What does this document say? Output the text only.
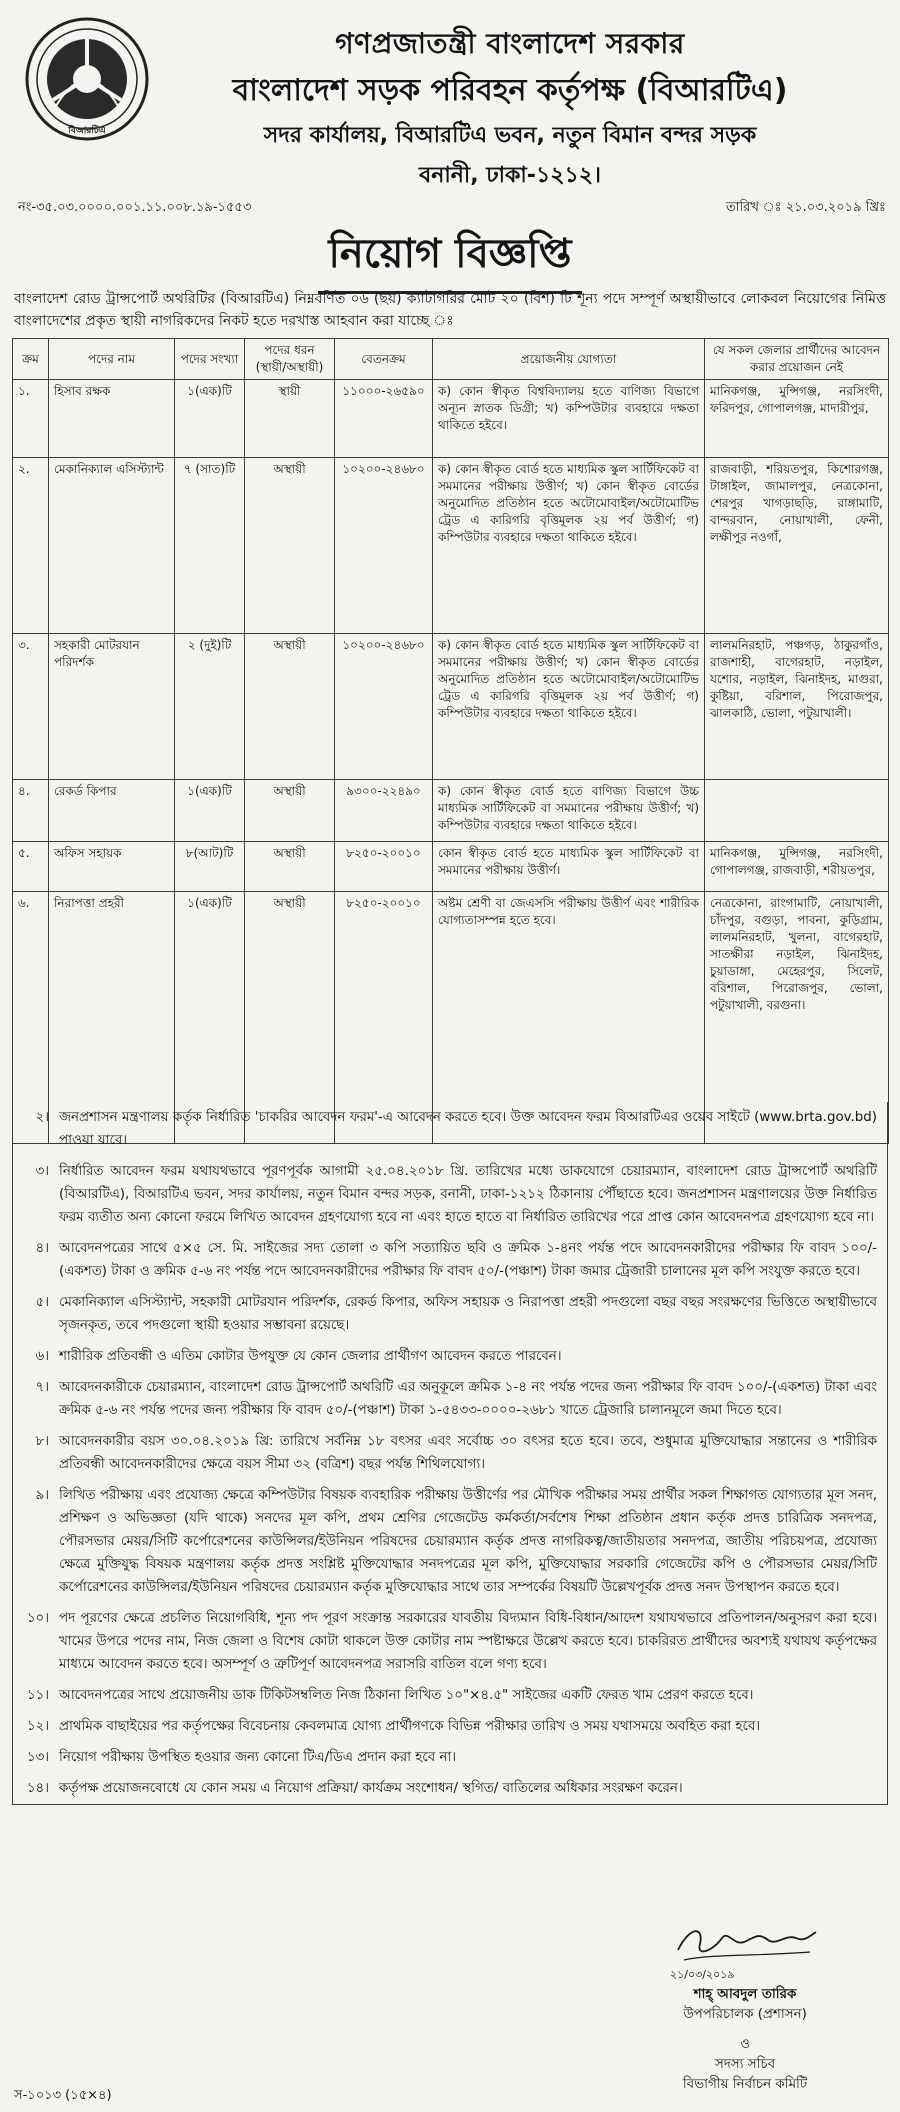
বিআরটিএ
গণপ্রজাতন্ত্রী বাংলাদেশ সরকার
বাংলাদেশ সড়ক পরিবহন কর্তৃপক্ষ (বিআরটিএ)
সদর কার্যালয়, বিআরটিএ ভবন, নতুন বিমান বন্দর সড়ক
বনানী, ঢাকা-১২১২।
নং-৩৫.০৩.০০০০.০০১.১১.০০৮.১৯-১৫৫৩	তারিখ ঃ ২১.০৩.২০১৯ খ্রিঃ
নিয়োগ বিজ্ঞপ্তি
বাংলাদেশ রোড ট্রান্সপোর্ট অথরিটির (বিআরটিএ) নিম্নবর্ণিত ০৬ (ছয়) ক্যাটাগরির মোট ২০ (বিশ) টি শূন্য পদে সম্পূর্ণ অস্থায়ীভাবে লোকবল নিয়োগের নিমিত্ত বাংলাদেশের প্রকৃত স্থায়ী নাগরিকদের নিকট হতে দরখাস্ত আহবান করা যাচ্ছে ঃ
ক্রম	পদের নাম	পদের সংখ্যা	পদের ধরন (স্থায়ী/অস্থায়ী)	বেতনক্রম	প্রয়োজনীয় যোগ্যতা	যে সকল জেলার প্রার্থীদের আবেদন করার প্রয়োজন নেই
১.	হিসাব রক্ষক	১(এক)টি	স্থায়ী	১১০০০-২৬৫৯০	ক) কোন স্বীকৃত বিশ্ববিদ্যালয় হতে বাণিজ্য বিভাগে অন্যূন স্নাতক ডিগ্রী; খ) কম্পিউটার ব্যবহারে দক্ষতা থাকিতে হইবে।	মানিকগঞ্জ, মুন্সিগঞ্জ, নরসিংদী, ফরিদপুর, গোপালগঞ্জ, মাদারীপুর,
২.	মেকানিক্যাল এসিস্ট্যান্ট	৭ (সাত)টি	অস্থায়ী	১০২০০-২৪৬৮০	ক) কোন স্বীকৃত বোর্ড হতে মাধ্যমিক স্কুল সার্টিফিকেট বা সমমানের পরীক্ষায় উত্তীর্ণ; খ) কোন স্বীকৃত বোর্ডের অনুমোদিত প্রতিষ্ঠান হতে অটোমোবাইল/অটোমোটিভ ট্রেড এ কারিগরি বৃত্তিমূলক ২য় পর্ব উত্তীর্ণ; গ) কম্পিউটার ব্যবহারে দক্ষতা থাকিতে হইবে।	রাজবাড়ী, শরিয়তপুর, কিশোরগঞ্জ, টাঙ্গাইল, জামালপুর, নেত্রকোনা, শেরপুর খাগড়াছড়ি, রাঙ্গামাটি, বান্দরবান, নোয়াখালী, ফেনী, লক্ষীপুর নওগাঁ,
৩.	সহকারী মোটরযান পরিদর্শক	২ (দুই)টি	অস্থায়ী	১০২০০-২৪৬৮০	ক) কোন স্বীকৃত বোর্ড হতে মাধ্যমিক স্কুল সার্টিফিকেট বা সমমানের পরীক্ষায় উত্তীর্ণ; খ) কোন স্বীকৃত বোর্ডের অনুমোদিত প্রতিষ্ঠান হতে অটোমোবাইল/অটোমোটিভ ট্রেড এ কারিগরি বৃত্তিমূলক ২য় পর্ব উত্তীর্ণ; গ) কম্পিউটার ব্যবহারে দক্ষতা থাকিতে হইবে।	লালমনিরহাট, পঞ্চগড়, ঠাকুরগাঁও, রাজশাহী, বাগেরহাট, নড়াইল, যশোর, নড়াইল, ঝিনাইদহ, মাগুরা, কুষ্টিয়া, বরিশাল, পিরোজপুর, ঝালকাঠি, ভোলা, পটুয়াখালী।
৪.	রেকর্ড কিপার	১(এক)টি	অস্থায়ী	৯৩০০-২২৪৯০	ক) কোন স্বীকৃত বোর্ড হতে বাণিজ্য বিভাগে উচ্চ মাধ্যমিক সার্টিফিকেট বা সমমানের পরীক্ষায় উত্তীর্ণ; খ) কম্পিউটার ব্যবহারে দক্ষতা থাকিতে হইবে।	
৫.	অফিস সহায়ক	৮(আট)টি	অস্থায়ী	৮২৫০-২০০১০	কোন স্বীকৃত বোর্ড হতে মাধ্যমিক স্কুল সার্টিফিকেট বা সমমানের পরীক্ষায় উত্তীর্ণ।	মানিকগঞ্জ, মুন্সিগঞ্জ, নরসিংদী, গোপালগঞ্জ, রাজবাড়ী, শরীয়তপুর,
৬.	নিরাপত্তা প্রহরী	১(এক)টি	অস্থায়ী	৮২৫০-২০০১০	অষ্টম শ্রেণী বা জেএসসি পরীক্ষায় উত্তীর্ণ এবং শারীরিক যোগ্যতাসম্পন্ন হতে হবে।	নেত্রকোনা, রাংগামাটি, নোয়াখালী, চাঁদপুর, বগুড়া, পাবনা, কুড়িগ্রাম, লালমনিরহাট, খুলনা, বাগেরহাট, সাতক্ষীরা নড়াইল, ঝিনাইদহ, চুয়াডাঙ্গা, মেহেরপুর, সিলেট, বরিশাল, পিরোজপুর, ভোলা, পটুয়াখালী, বরগুনা।
২। জনপ্রশাসন মন্ত্রণালয় কর্তৃক নির্ধারিত 'চাকরির আবেদন ফরম'-এ আবেদন করতে হবে। উক্ত আবেদন ফরম বিআরটিএর ওয়েব সাইটে (www.brta.gov.bd) পাওয়া যাবে।
৩। নির্ধারিত আবেদন ফরম যথাযথভাবে পূরণপূর্বক আগামী ২৫.০৪.২০১৮ খ্রি. তারিখের মধ্যে ডাকযোগে চেয়ারম্যান, বাংলাদেশ রোড ট্রান্সপোর্ট অথরিটি (বিআরটিএ), বিআরটিএ ভবন, সদর কার্যালয়, নতুন বিমান বন্দর সড়ক, বনানী, ঢাকা-১২১২ ঠিকানায় পৌঁছাতে হবে। জনপ্রশাসন মন্ত্রণালয়ের উক্ত নির্ধারিত ফরম ব্যতীত অন্য কোনো ফরমে লিখিত আবেদন গ্রহণযোগ্য হবে না এবং হাতে হাতে বা নির্ধারিত তারিখের পরে প্রাপ্ত কোন আবেদনপত্র গ্রহণযোগ্য হবে না।
৪। আবেদনপত্রের সাথে ৫×৫ সে. মি. সাইজের সদ্য তোলা ৩ কপি সত্যায়িত ছবি ও ক্রমিক ১-৪নং পর্যন্ত পদে আবেদনকারীদের পরীক্ষার ফি বাবদ ১০০/-(একশত) টাকা ও ক্রমিক ৫-৬ নং পর্যন্ত পদে আবেদনকারীদের পরীক্ষার ফি বাবদ ৫০/-(পঞ্চাশ) টাকা জমার ট্রেজারী চালানের মূল কপি সংযুক্ত করতে হবে।
৫। মেকানিক্যাল এসিস্ট্যান্ট, সহকারী মোটরযান পরিদর্শক, রেকর্ড কিপার, অফিস সহায়ক ও নিরাপত্তা প্রহরী পদগুলো বছর বছর সংরক্ষণের ভিত্তিতে অস্থায়ীভাবে সৃজনকৃত, তবে পদগুলো স্থায়ী হওয়ার সম্ভাবনা রয়েছে।
৬। শারীরিক প্রতিবন্ধী ও এতিম কোটার উপযুক্ত যে কোন জেলার প্রার্থীগণ আবেদন করতে পারবেন।
৭। আবেদনকারীকে চেয়ারম্যান, বাংলাদেশ রোড ট্রান্সপোর্ট অথরিটি এর অনুকূলে ক্রমিক ১-৪ নং পর্যন্ত পদের জন্য পরীক্ষার ফি বাবদ ১০০/-(একশত) টাকা এবং ক্রমিক ৫-৬ নং পর্যন্ত পদের জন্য পরীক্ষার ফি বাবদ ৫০/-(পঞ্চাশ) টাকা ১-৫৪৩৩-০০০০-২৬৮১ খাতে ট্রেজারি চালানমূলে জমা দিতে হবে।
৮। আবেদনকারীর বয়স ৩০.০৪.২০১৯ খ্রি: তারিখে সর্বনিম্ন ১৮ বৎসর এবং সর্বোচ্চ ৩০ বৎসর হতে হবে। তবে, শুধুমাত্র মুক্তিযোদ্ধার সন্তানের ও শারীরিক প্রতিবন্ধী আবেদনকারীদের ক্ষেত্রে বয়স সীমা ৩২ (বত্রিশ) বছর পর্যন্ত শিথিলযোগ্য।
৯। লিখিত পরীক্ষায় এবং প্রযোজ্য ক্ষেত্রে কম্পিউটার বিষয়ক ব্যবহারিক পরীক্ষায় উত্তীর্ণের পর মৌখিক পরীক্ষার সময় প্রার্থীর সকল শিক্ষাগত যোগ্যতার মূল সনদ, প্রশিক্ষণ ও অভিজ্ঞতা (যদি থাকে) সনদের মূল কপি, প্রথম শ্রেণির গেজেটেড কর্মকর্তা/সর্বশেষ শিক্ষা প্রতিষ্ঠান প্রধান কর্তৃক প্রদত্ত চারিত্রিক সনদপত্র, পৌরসভার মেয়র/সিটি কর্পোরেশনের কাউন্সিলর/ইউনিয়ন পরিষদের চেয়ারম্যান কর্তৃক প্রদত্ত নাগরিকত্ব/জাতীয়তার সনদপত্র, জাতীয় পরিচয়পত্র, প্রযোজ্য ক্ষেত্রে মুক্তিযুদ্ধ বিষয়ক মন্ত্রণালয় কর্তৃক প্রদত্ত সংশ্লিষ্ট মুক্তিযোদ্ধার সনদপত্রের মূল কপি, মুক্তিযোদ্ধার সরকারি গেজেটের কপি ও পৌরসভার মেয়র/সিটি কর্পোরেশনের কাউন্সিলর/ইউনিয়ন পরিষদের চেয়ারম্যান কর্তৃক মুক্তিযোদ্ধার সাথে তার সম্পর্কের বিষয়টি উল্লেখপূর্বক প্রদত্ত সনদ উপস্থাপন করতে হবে।
১০। পদ পূরণের ক্ষেত্রে প্রচলিত নিয়োগবিধি, শূন্য পদ পূরণ সংক্রান্ত সরকারের যাবতীয় বিদ্যমান বিধি-বিধান/আদেশ যথাযথভাবে প্রতিপালন/অনুসরণ করা হবে। খামের উপরে পদের নাম, নিজ জেলা ও বিশেষ কোটা থাকলে উক্ত কোটার নাম স্পষ্টাক্ষরে উল্লেখ করতে হবে। চাকরিরত প্রার্থীদের অবশ্যই যথাযথ কর্তৃপক্ষের মাধ্যমে আবেদন করতে হবে। অসম্পূর্ণ ও ত্রুটিপূর্ণ আবেদনপত্র সরাসরি বাতিল বলে গণ্য হবে।
১১। আবেদনপত্রের সাথে প্রয়োজনীয় ডাক টিকিটসম্বলিত নিজ ঠিকানা লিখিত ১০"×৪.৫" সাইজের একটি ফেরত খাম প্রেরণ করতে হবে।
১২। প্রাথমিক বাছাইয়ের পর কর্তৃপক্ষের বিবেচনায় কেবলমাত্র যোগ্য প্রার্থীগণকে বিভিন্ন পরীক্ষার তারিখ ও সময় যথাসময়ে অবহিত করা হবে।
১৩। নিয়োগ পরীক্ষায় উপস্থিত হওয়ার জন্য কোনো টিএ/ডিএ প্রদান করা হবে না।
১৪। কর্তৃপক্ষ প্রয়োজনবোধে যে কোন সময় এ নিয়োগ প্রক্রিয়া/ কার্যক্রম সংশোধন/ স্থগিত/ বাতিলের অধিকার সংরক্ষণ করেন।
২১/০৩/২০১৯
শাহ্ আবদুল তারিক
উপপরিচালক (প্রশাসন)
ও
সদস্য সচিব
বিভাগীয় নির্বাচন কমিটি
স-১০১৩ (১৫×৪)
